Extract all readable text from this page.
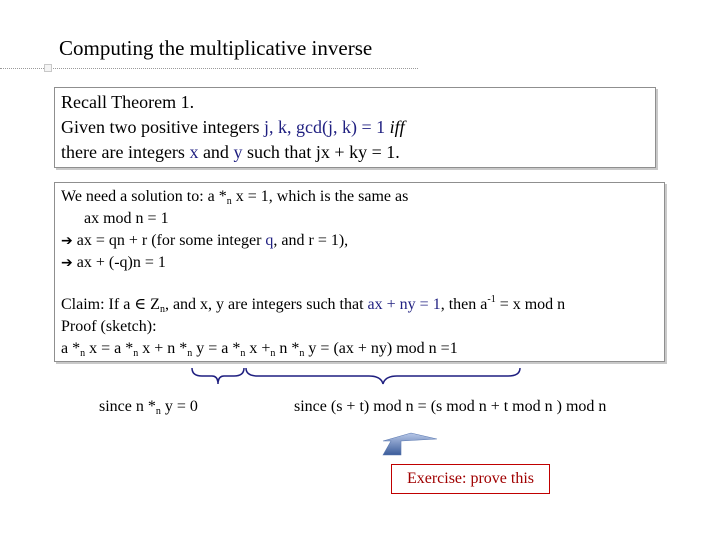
Computing the multiplicative inverse
Recall Theorem 1.
Given two positive integers j, k, gcd(j, k) = 1 iff
there are integers x and y such that jx + ky = 1.
We need a solution to: a $*_n$ x = 1, which is the same as
ax mod n = 1
➔ ax = qn + r (for some integer q, and r = 1),
➔ ax + (-q)n = 1
Claim: If a ∈ $Z_n$, and x, y are integers such that ax + ny = 1, then $a^{-1} = x$ mod n
Proof (sketch):
a $*_n$ x = a $*_n$ x + n $*_n$ y = a $*_n$ $x +_n$ n $*_n$ y = (ax + ny) mod n =1
since n $*_n$ y = 0	since (s + t) mod n = (s mod n + t mod n ) mod n
Exercise: prove this
